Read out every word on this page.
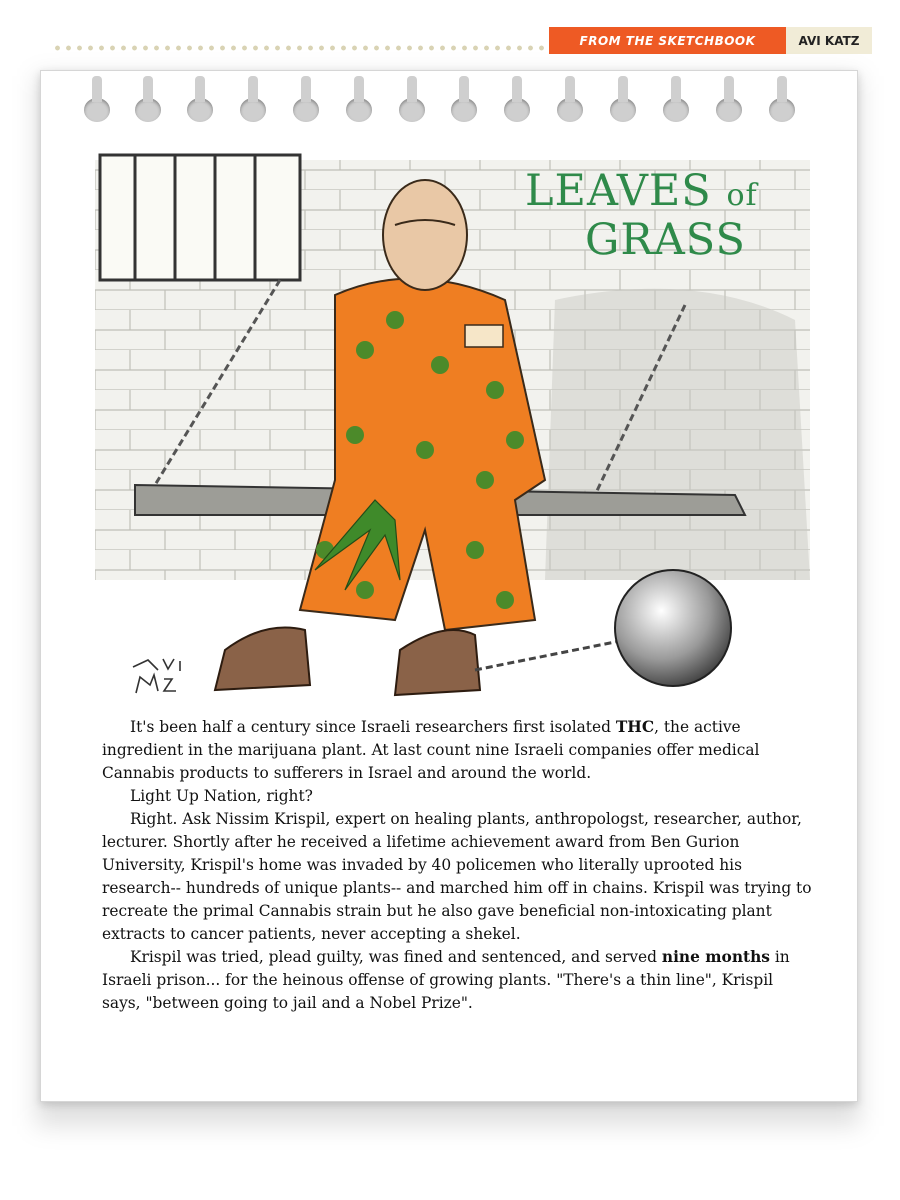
FROM THE SKETCHBOOK	AVI KATZ
LEAVES of
GRASS

It's been half a century since Israeli researchers first isolated THC, the active ingredient in the marijuana plant. At last count nine Israeli companies offer medical Cannabis products to sufferers in Israel and around the world.

Light Up Nation, right?

Right. Ask Nissim Krispil, expert on healing plants, anthropologst, researcher, author, lecturer. Shortly after he received a lifetime achievement award from Ben Gurion University, Krispil's home was invaded by 40 policemen who literally uprooted his research-- hundreds of unique plants-- and marched him off in chains. Krispil was trying to recreate the primal Cannabis strain but he also gave beneficial non-intoxicating plant extracts to cancer patients, never accepting a shekel.

Krispil was tried, plead guilty, was fined and sentenced, and served nine months in Israeli prison... for the heinous offense of growing plants. "There's a thin line", Krispil says, "between going to jail and a Nobel Prize".
